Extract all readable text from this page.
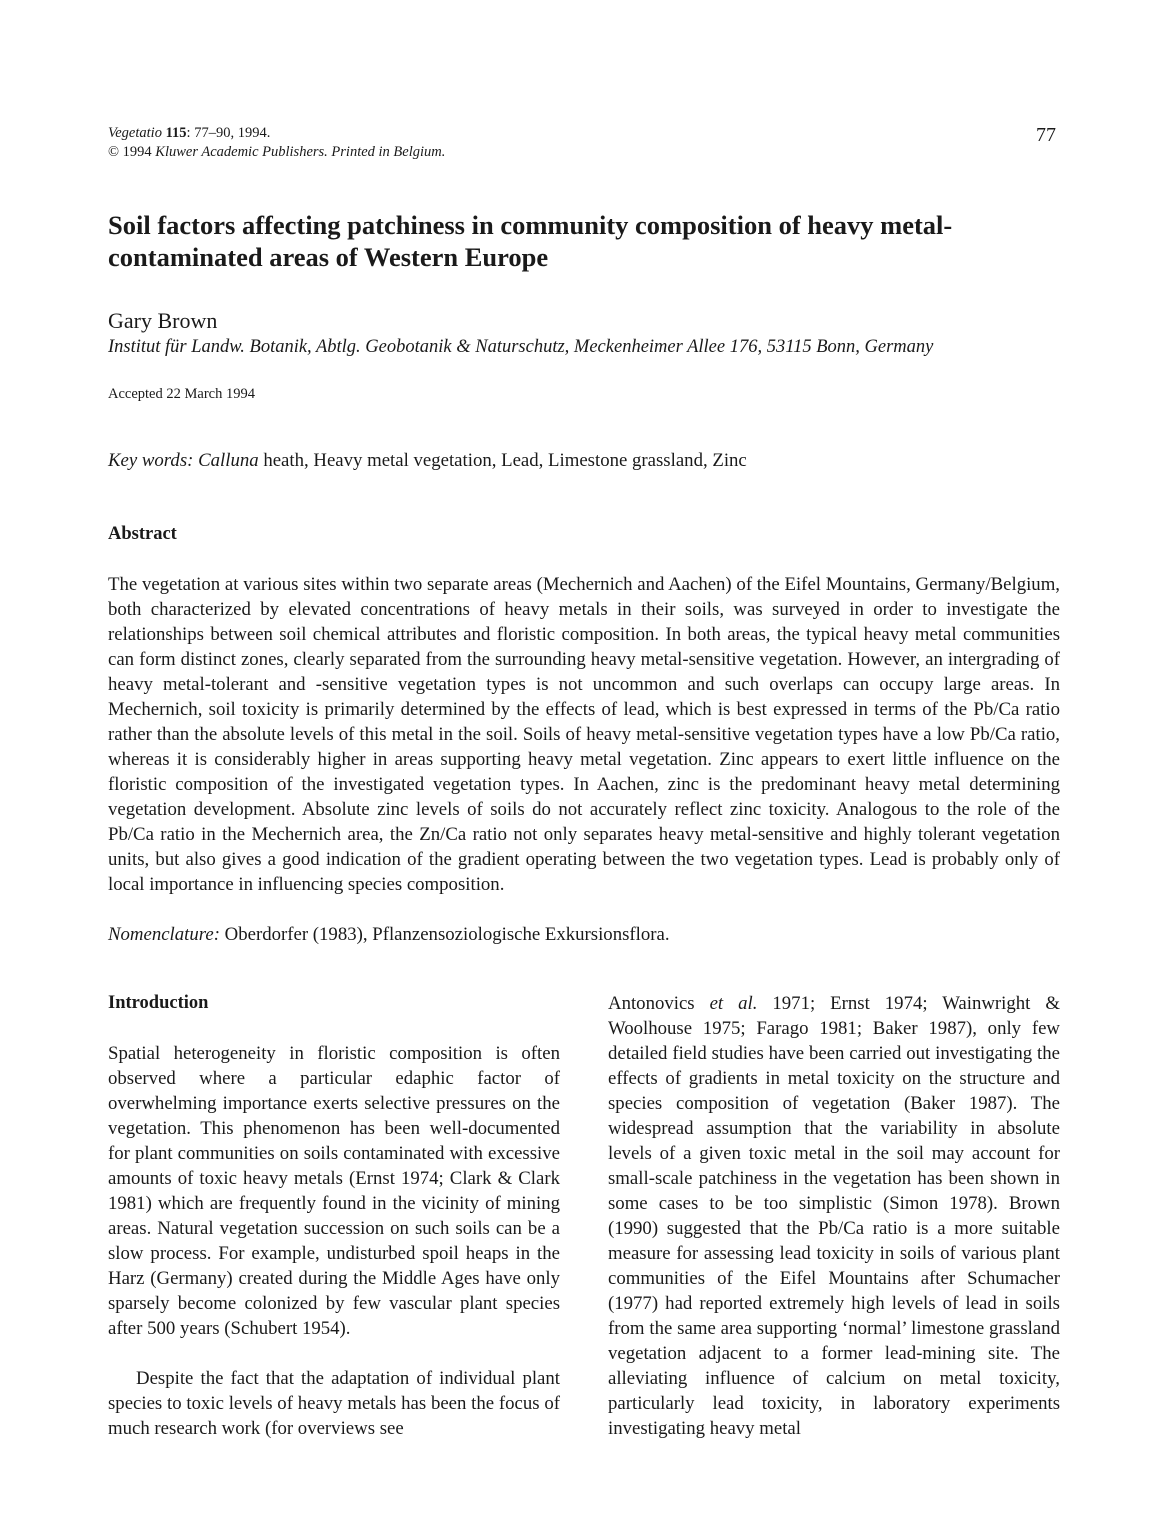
Vegetatio 115: 77–90, 1994.
© 1994 Kluwer Academic Publishers. Printed in Belgium.
77
Soil factors affecting patchiness in community composition of heavy metal-contaminated areas of Western Europe
Gary Brown
Institut für Landw. Botanik, Abtlg. Geobotanik & Naturschutz, Meckenheimer Allee 176, 53115 Bonn, Germany
Accepted 22 March 1994
Key words: Calluna heath, Heavy metal vegetation, Lead, Limestone grassland, Zinc
Abstract

The vegetation at various sites within two separate areas (Mechernich and Aachen) of the Eifel Mountains, Germany/Belgium, both characterized by elevated concentrations of heavy metals in their soils, was surveyed in order to investigate the relationships between soil chemical attributes and floristic composition. In both areas, the typical heavy metal communities can form distinct zones, clearly separated from the surrounding heavy metal-sensitive vegetation. However, an intergrading of heavy metal-tolerant and -sensitive vegetation types is not uncommon and such overlaps can occupy large areas. In Mechernich, soil toxicity is primarily determined by the effects of lead, which is best expressed in terms of the Pb/Ca ratio rather than the absolute levels of this metal in the soil. Soils of heavy metal-sensitive vegetation types have a low Pb/Ca ratio, whereas it is considerably higher in areas supporting heavy metal vegetation. Zinc appears to exert little influence on the floristic composition of the investigated vegetation types. In Aachen, zinc is the predominant heavy metal determining vegetation development. Absolute zinc levels of soils do not accurately reflect zinc toxicity. Analogous to the role of the Pb/Ca ratio in the Mechernich area, the Zn/Ca ratio not only separates heavy metal-sensitive and highly tolerant vegetation units, but also gives a good indication of the gradient operating between the two vegetation types. Lead is probably only of local importance in influencing species composition.

Nomenclature: Oberdorfer (1983), Pflanzensoziologische Exkursionsflora.
Introduction

Spatial heterogeneity in floristic composition is often observed where a particular edaphic factor of overwhelming importance exerts selective pressures on the vegetation. This phenomenon has been well-documented for plant communities on soils contaminated with excessive amounts of toxic heavy metals (Ernst 1974; Clark & Clark 1981) which are frequently found in the vicinity of mining areas. Natural vegetation succession on such soils can be a slow process. For example, undisturbed spoil heaps in the Harz (Germany) created during the Middle Ages have only sparsely become colonized by few vascular plant species after 500 years (Schubert 1954).

Despite the fact that the adaptation of individual plant species to toxic levels of heavy metals has been the focus of much research work (for overviews see

Antonovics et al. 1971; Ernst 1974; Wainwright & Woolhouse 1975; Farago 1981; Baker 1987), only few detailed field studies have been carried out investigating the effects of gradients in metal toxicity on the structure and species composition of vegetation (Baker 1987). The widespread assumption that the variability in absolute levels of a given toxic metal in the soil may account for small-scale patchiness in the vegetation has been shown in some cases to be too simplistic (Simon 1978). Brown (1990) suggested that the Pb/Ca ratio is a more suitable measure for assessing lead toxicity in soils of various plant communities of the Eifel Mountains after Schumacher (1977) had reported extremely high levels of lead in soils from the same area supporting ‘normal’ limestone grassland vegetation adjacent to a former lead-mining site. The alleviating influence of calcium on metal toxicity, particularly lead toxicity, in laboratory experiments investigating heavy metal
